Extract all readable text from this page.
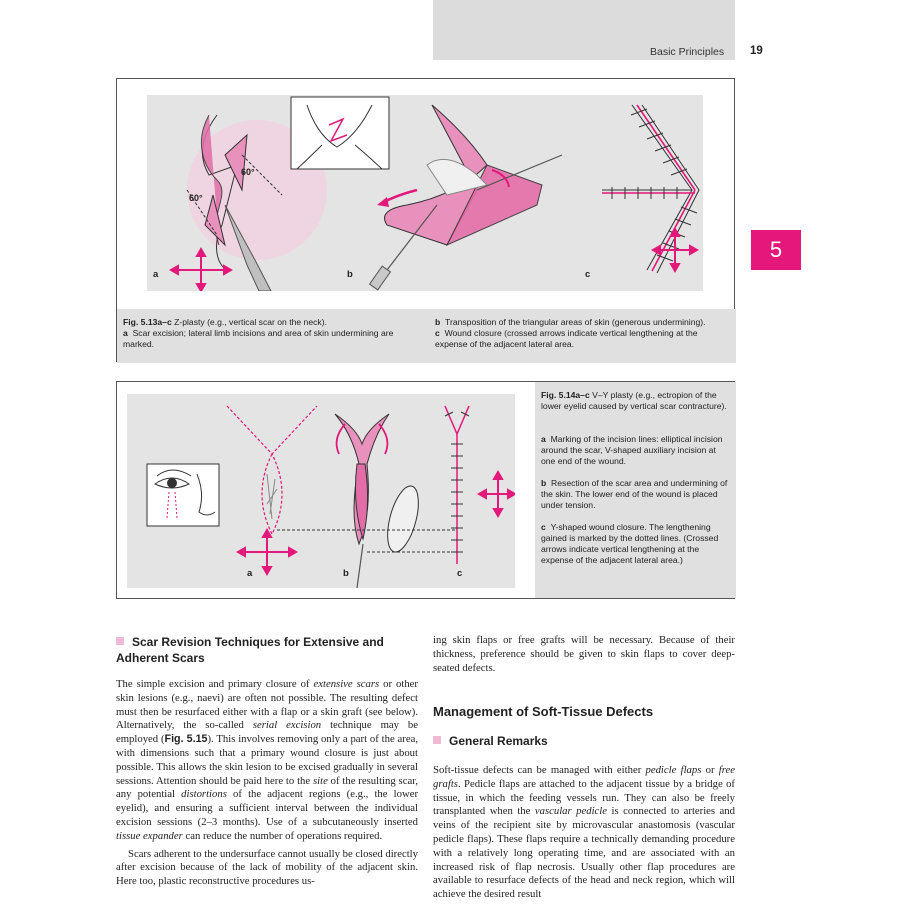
Basic Principles 19
5
60°
60°
a	b	c
Fig. 5.13a–c Z-plasty (e.g., vertical scar on the neck).
a Scar excision; lateral limb incisions and area of skin undermining are marked.
b Transposition of the triangular areas of skin (generous undermining).
c Wound closure (crossed arrows indicate vertical lengthening at the expense of the adjacent lateral area.
a	b	c
Fig. 5.14a–c V–Y plasty (e.g., ectropion of the lower eyelid caused by vertical scar contracture).
a Marking of the incision lines: elliptical incision around the scar, V-shaped auxiliary incision at one end of the wound.
b Resection of the scar area and undermining of the skin. The lower end of the wound is placed under tension.
c Y-shaped wound closure. The lengthening gained is marked by the dotted lines. (Crossed arrows indicate vertical lengthening at the expense of the adjacent lateral area.)
Scar Revision Techniques for Extensive and Adherent Scars

The simple excision and primary closure of extensive scars or other skin lesions (e.g., naevi) are often not possible. The resulting defect must then be resurfaced either with a flap or a skin graft (see below). Alternatively, the so-called serial excision technique may be employed (Fig. 5.15). This involves removing only a part of the area, with dimensions such that a primary wound closure is just about possible. This allows the skin lesion to be excised gradually in several sessions. Attention should be paid here to the site of the resulting scar, any potential distortions of the adjacent regions (e.g., the lower eyelid), and ensuring a sufficient interval between the individual excision sessions (2–3 months). Use of a subcutaneously inserted tissue expander can reduce the number of operations required.

Scars adherent to the undersurface cannot usually be closed directly after excision because of the lack of mobility of the adjacent skin. Here too, plastic reconstructive procedures us-

ing skin flaps or free grafts will be necessary. Because of their thickness, preference should be given to skin flaps to cover deep-seated defects.

Management of Soft-Tissue Defects
General Remarks

Soft-tissue defects can be managed with either pedicle flaps or free grafts. Pedicle flaps are attached to the adjacent tissue by a bridge of tissue, in which the feeding vessels run. They can also be freely transplanted when the vascular pedicle is connected to arteries and veins of the recipient site by microvascular anastomosis (vascular pedicle flaps). These flaps require a technically demanding procedure with a relatively long operating time, and are associated with an increased risk of flap necrosis. Usually other flap procedures are available to resurface defects of the head and neck region, which will achieve the desired result
